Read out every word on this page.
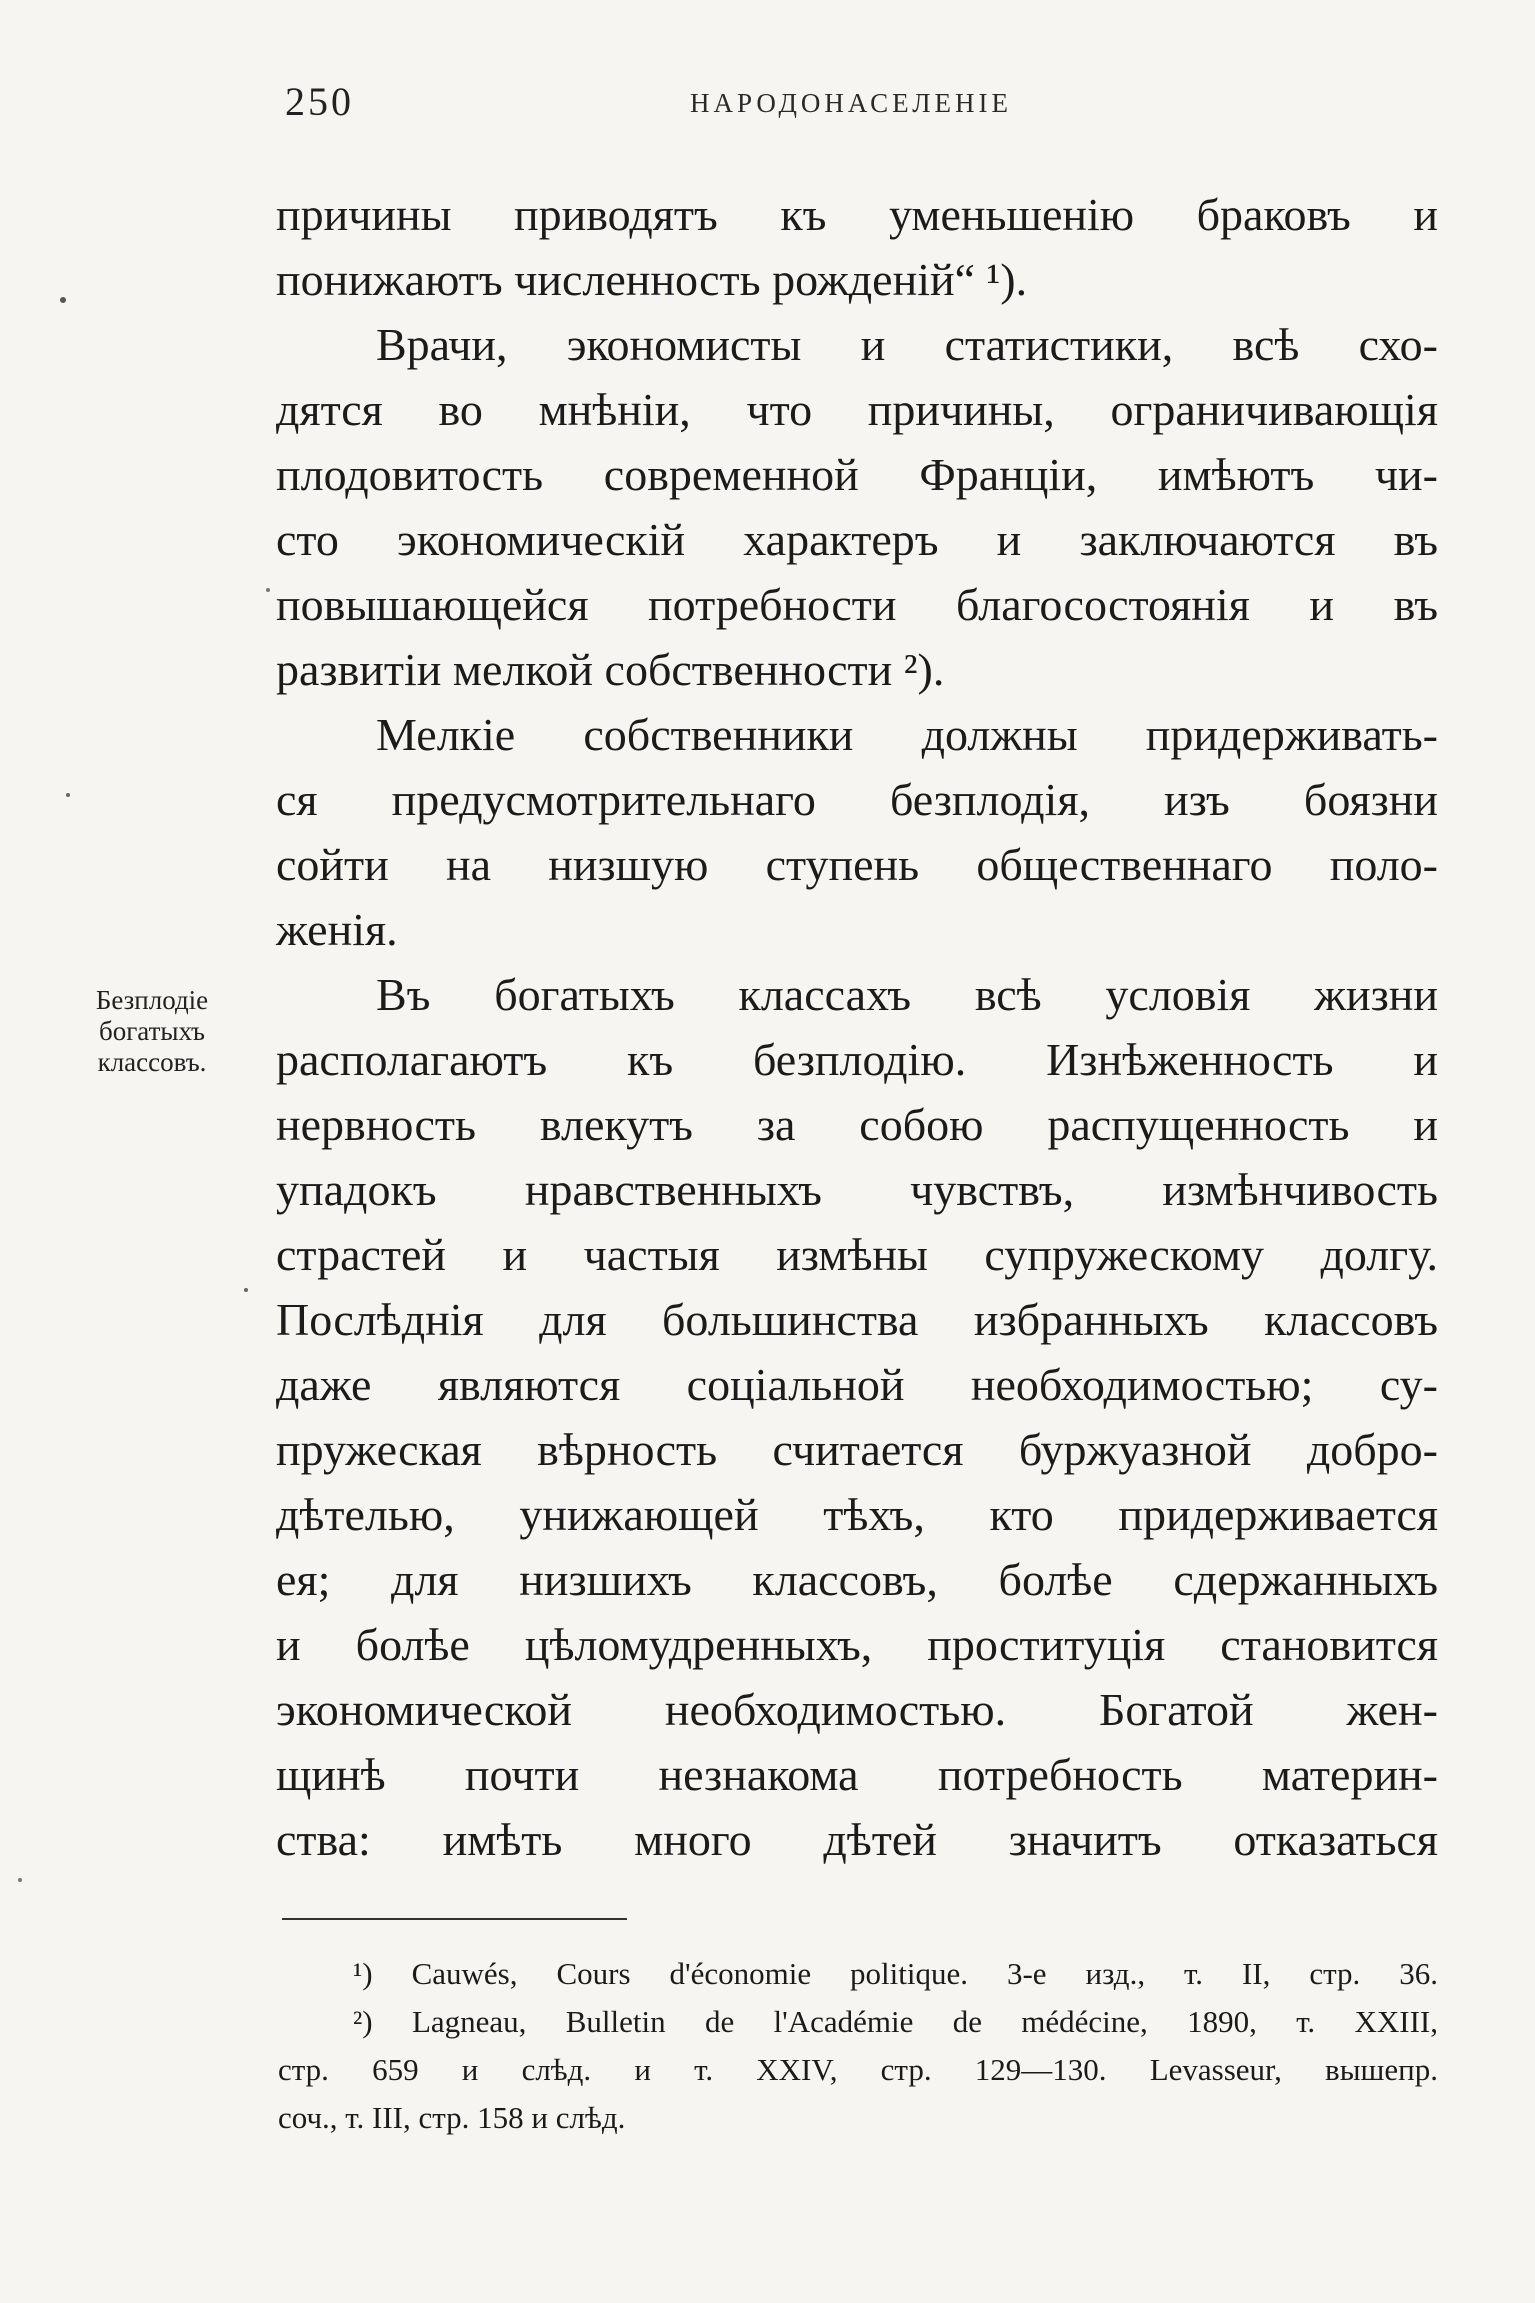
250	НАРОДОНАСЕЛЕНІЕ
Безплодіе
богатыхъ
классовъ.
причины приводятъ къ уменьшенію браковъ и
понижаютъ численность рожденій“ ¹).
Врачи, экономисты и статистики, всѣ схо-
дятся во мнѣніи, что причины, ограничивающія
плодовитость современной Франціи, имѣютъ чи-
сто экономическій характеръ и заключаются въ
повышающейся потребности благосостоянія и въ
развитіи мелкой собственности ²).
Мелкіе собственники должны придерживать-
ся предусмотрительнаго безплодія, изъ боязни
сойти на низшую ступень общественнаго поло-
женія.
Въ богатыхъ классахъ всѣ условія жизни
располагаютъ къ безплодію. Изнѣженность и
нервность влекутъ за собою распущенность и
упадокъ нравственныхъ чувствъ, измѣнчивость
страстей и частыя измѣны супружескому долгу.
Послѣднія для большинства избранныхъ классовъ
даже являются соціальной необходимостью; су-
пружеская вѣрность считается буржуазной добро-
дѣтелью, унижающей тѣхъ, кто придерживается
ея; для низшихъ классовъ, болѣе сдержанныхъ
и болѣе цѣломудренныхъ, проституція становится
экономической необходимостью. Богатой жен-
щинѣ почти незнакома потребность материн-
ства: имѣть много дѣтей значитъ отказаться
¹) Cauwés, Cours d'économie politique. 3-е изд., т. II, стр. 36.
²) Lagneau, Bulletin de l'Académie de médécine, 1890, т. XXIII,
стр. 659 и слѣд. и т. XXIV, стр. 129—130. Levasseur, вышепр.
соч., т. III, стр. 158 и слѣд.
